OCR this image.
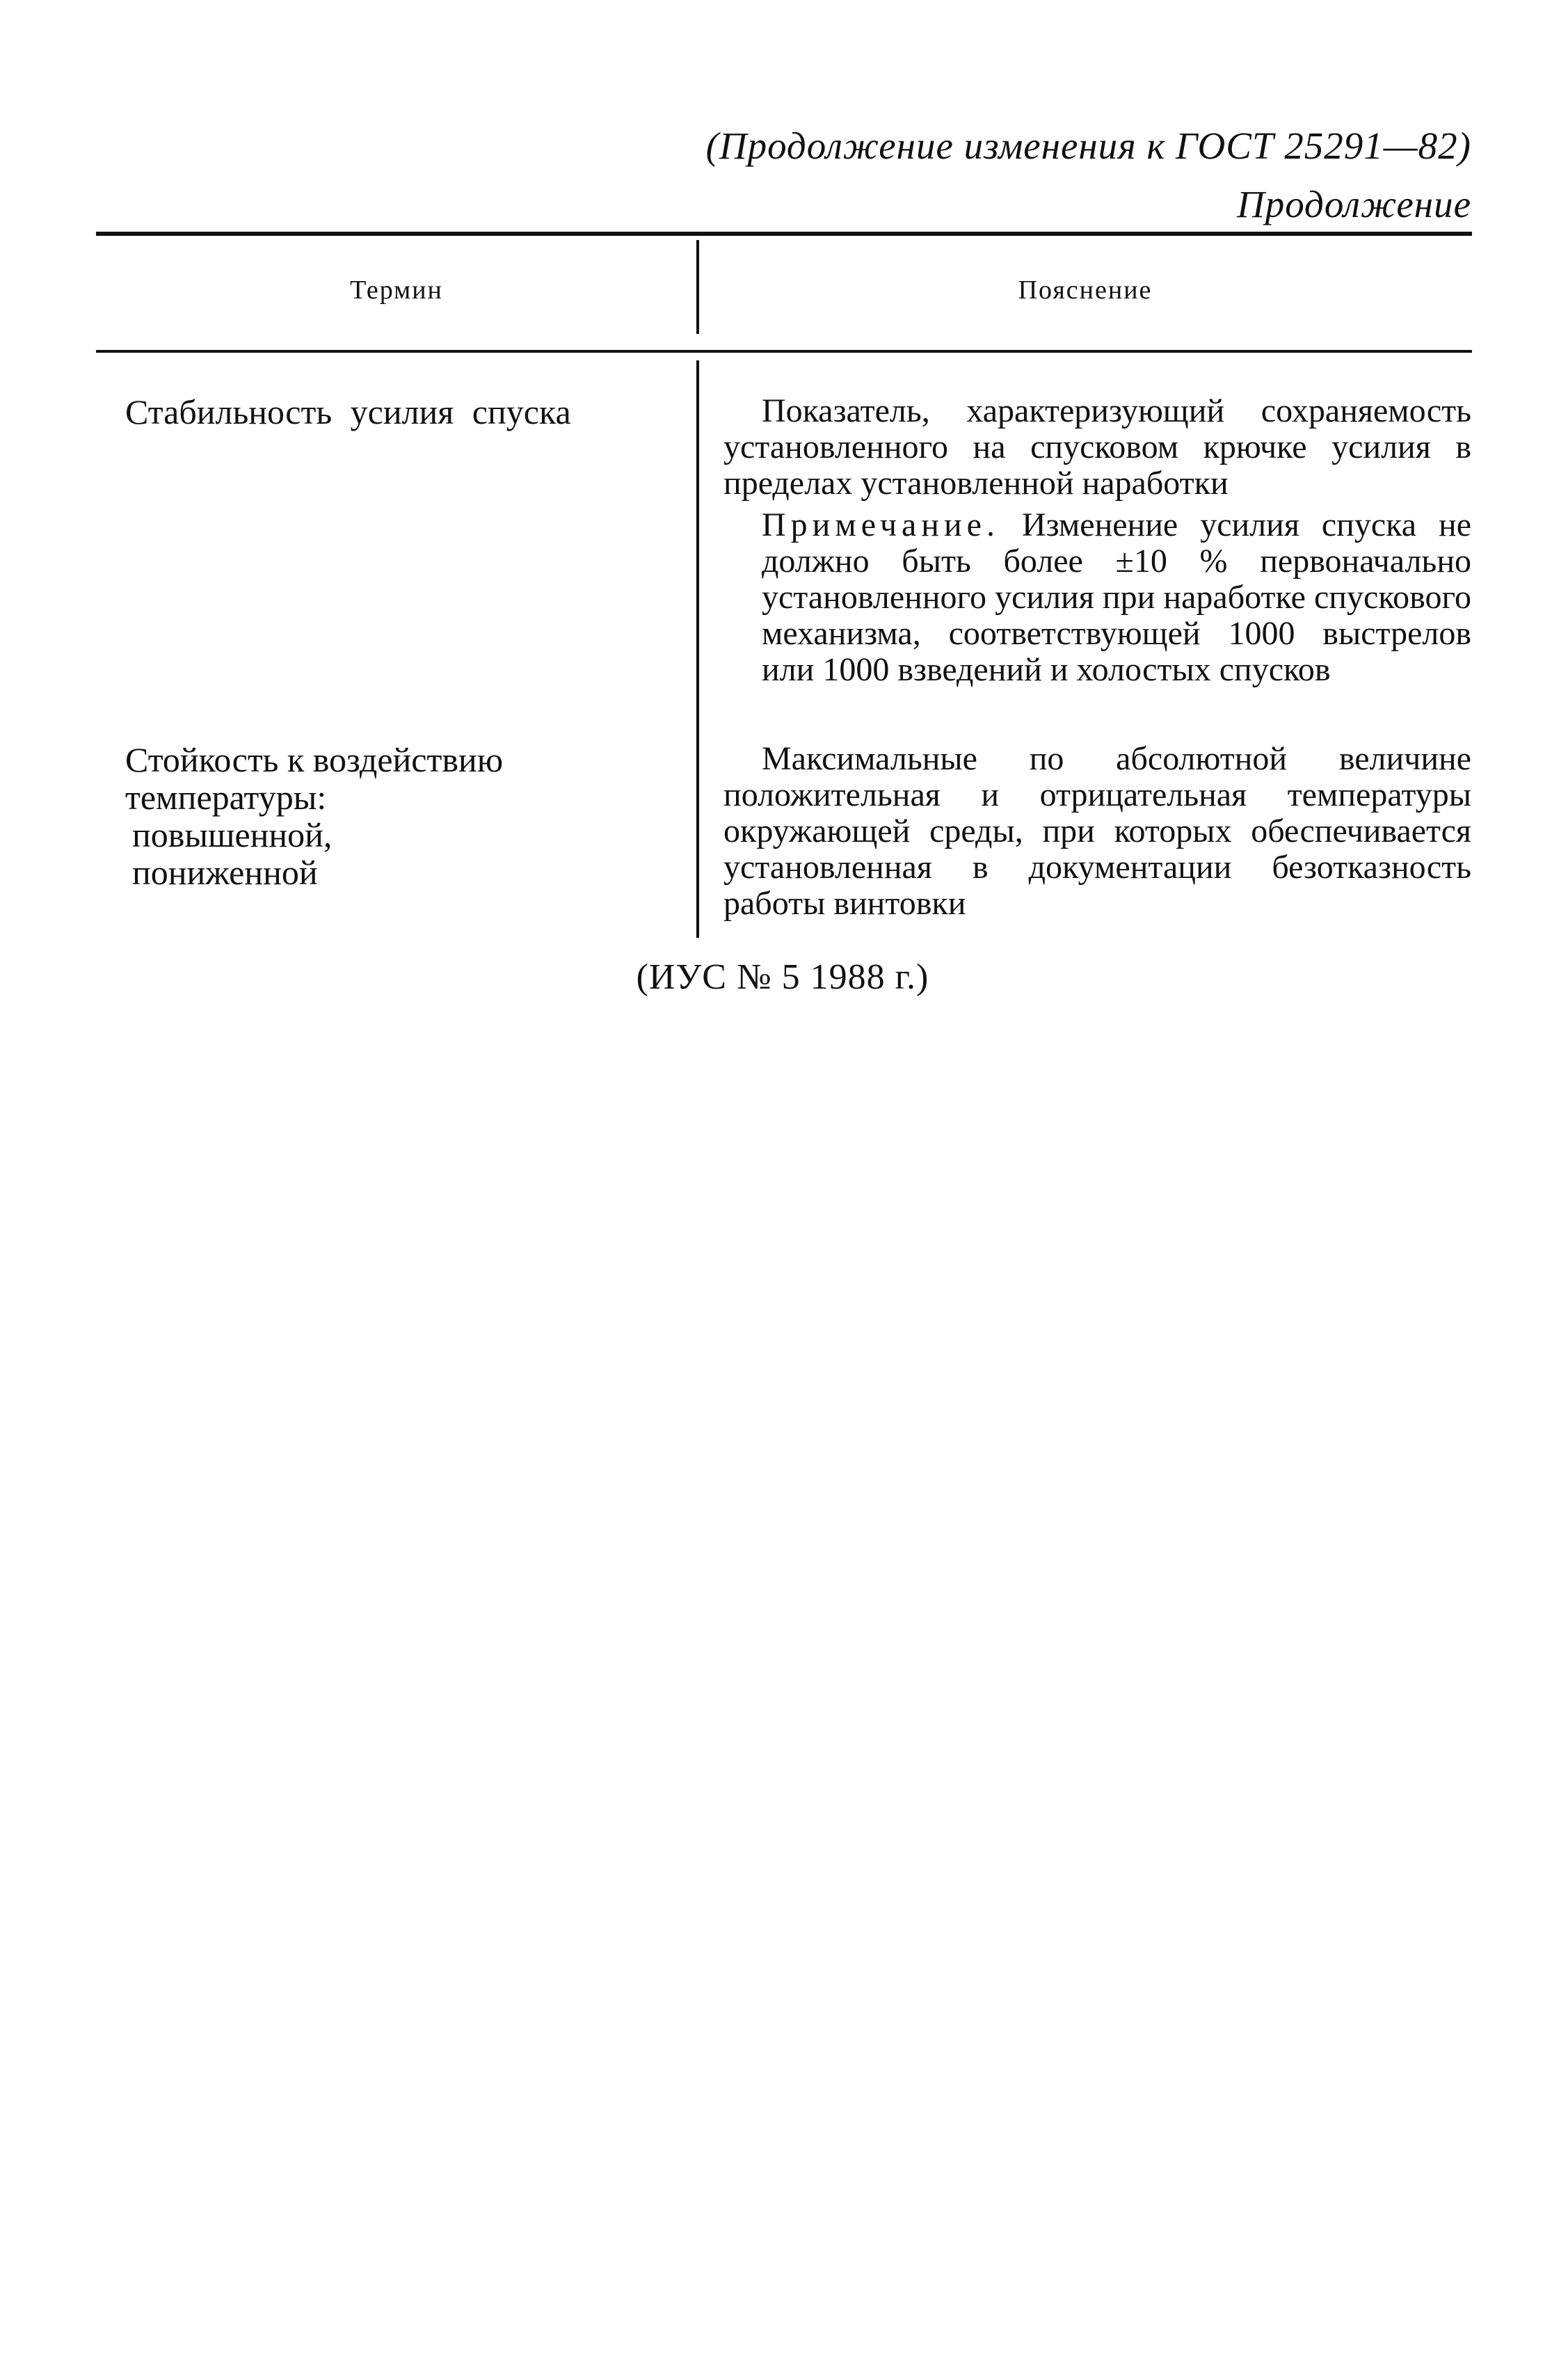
(Продолжение изменения к ГОСТ 25291—82)
Продолжение
Термин	Пояснение
Стабильность усилия спуска	Показатель, характеризующий сохраняемость установленного на спусковом крючке усилия в пределах установленной наработки
Примечание. Изменение усилия спуска не должно быть более ±10 % первоначально установленного усилия при наработке спускового механизма, соответствующей 1000 выстрелов или 1000 взведений и холостых спусков
Стойкость к воздействию температуры:
повышенной,
пониженной
Максимальные по абсолютной величине положительная и отрицательная температуры окружающей среды, при которых обеспечивается установленная в документации безотказность работы винтовки
(ИУС № 5 1988 г.)
